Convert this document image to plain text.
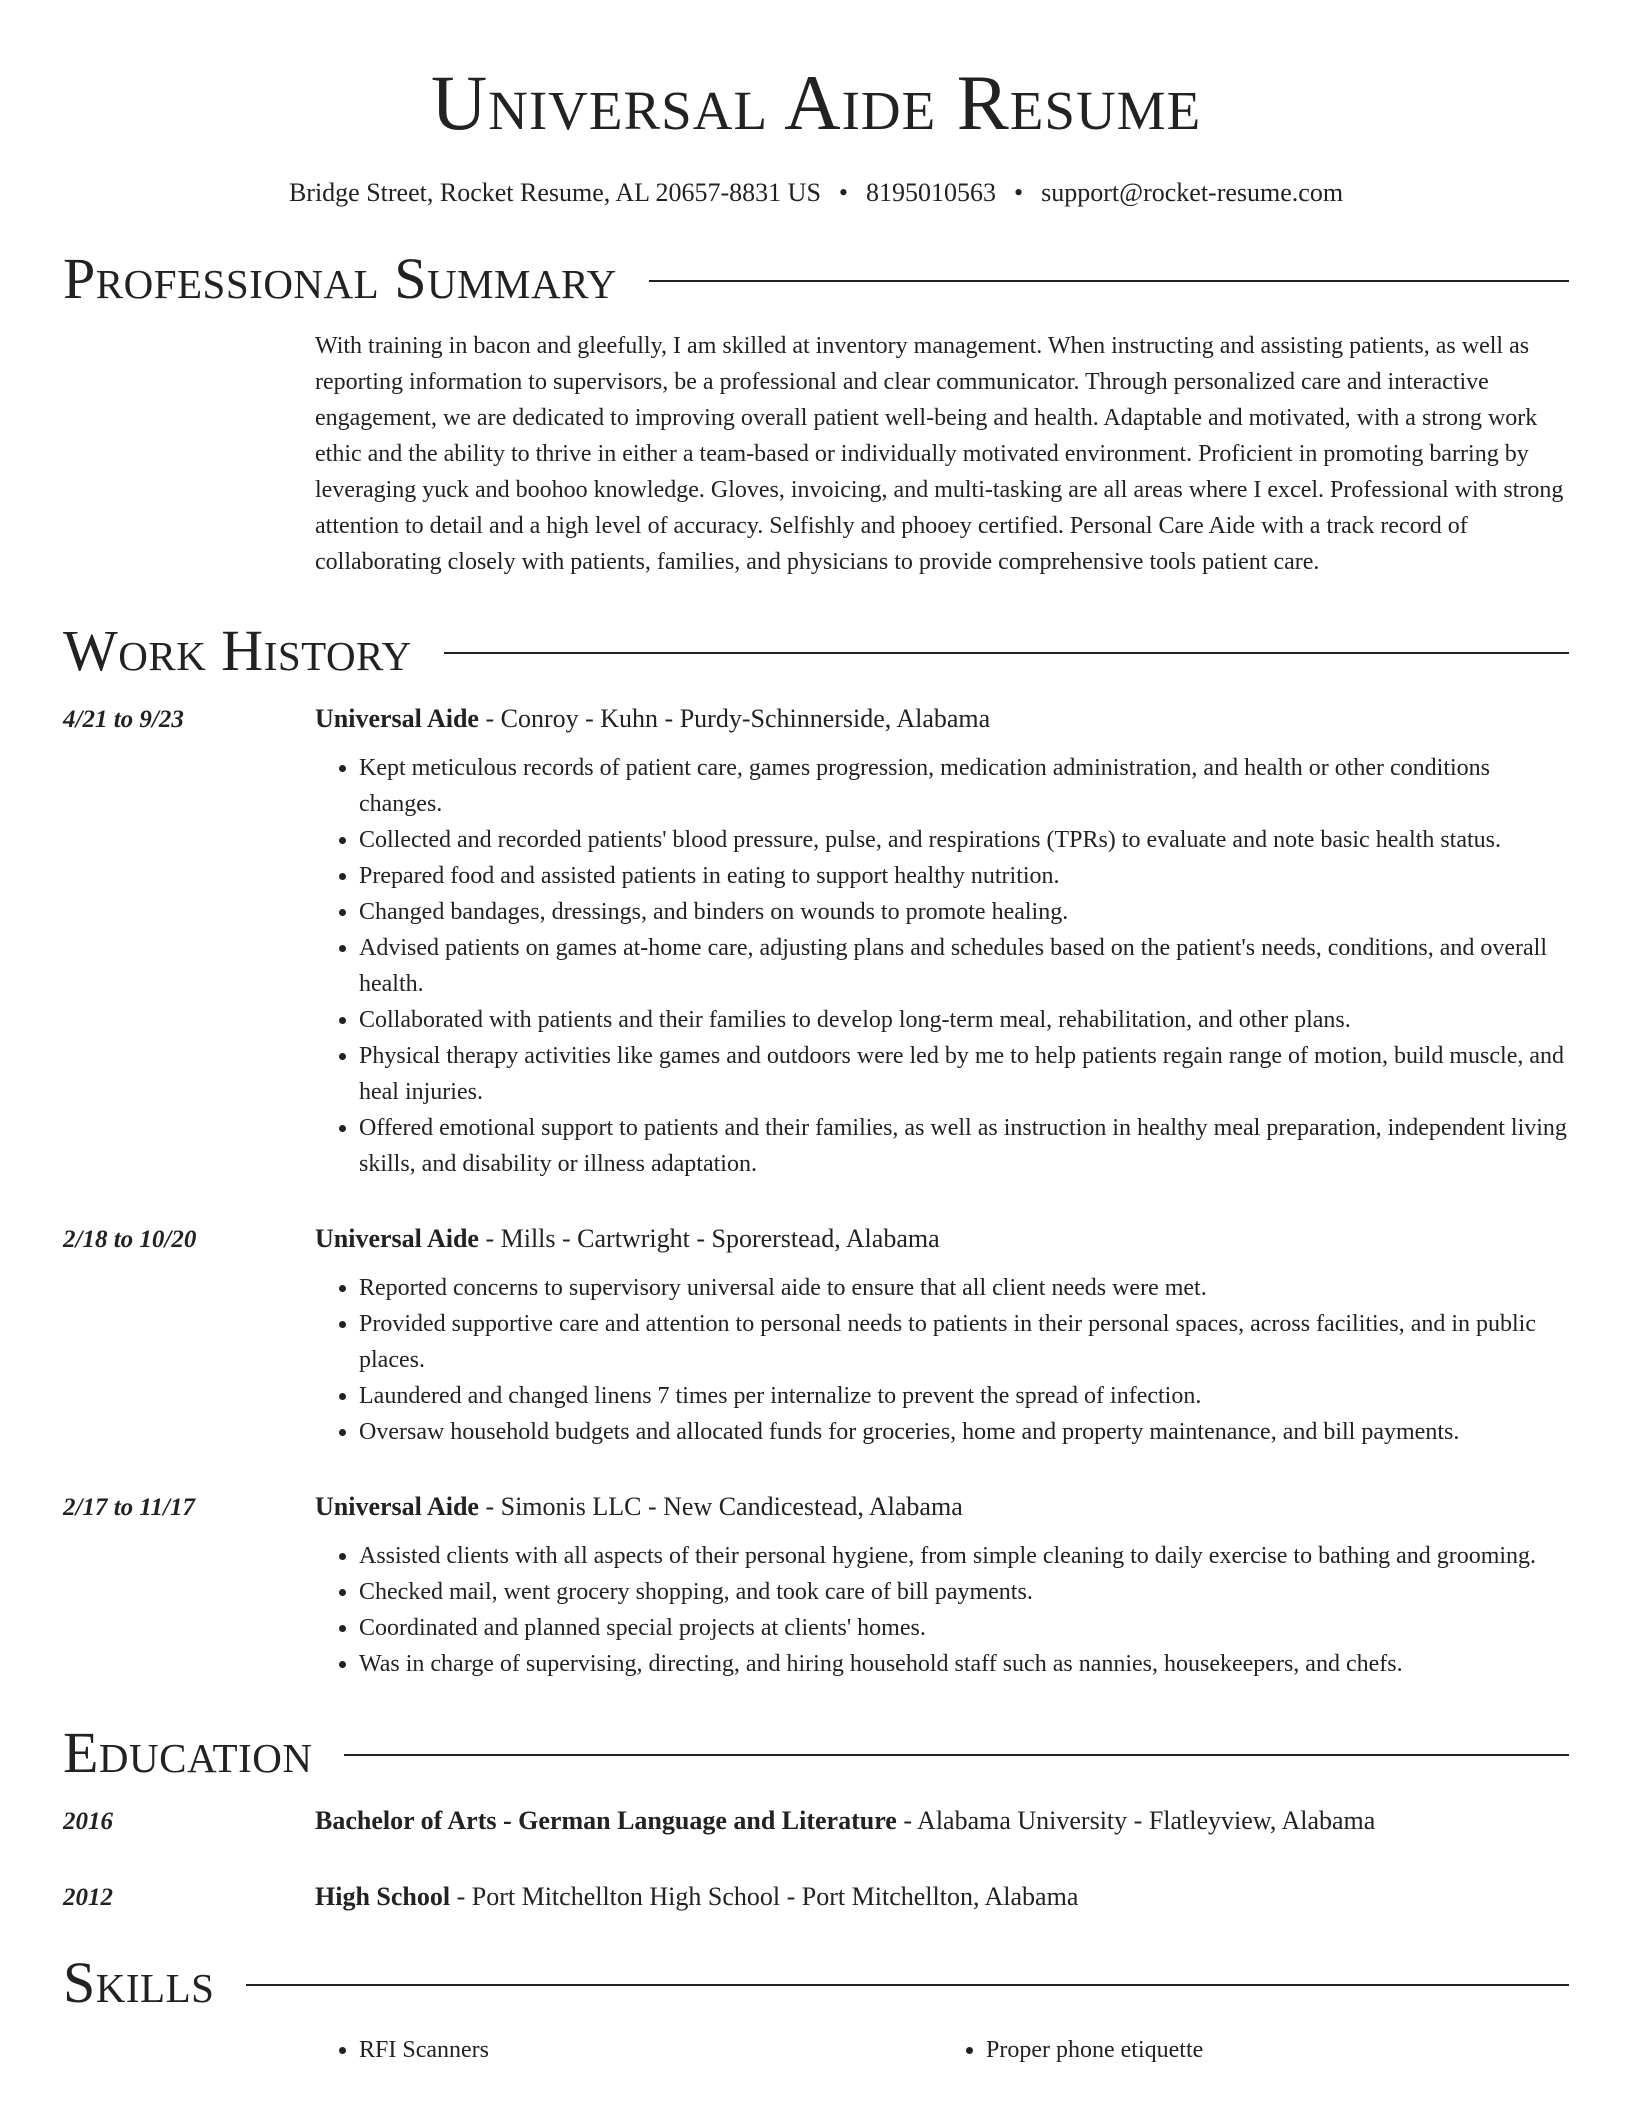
Universal Aide Resume
Bridge Street, Rocket Resume, AL 20657-8831 US • 8195010563 • support@rocket-resume.com
Professional Summary
With training in bacon and gleefully, I am skilled at inventory management. When instructing and assisting patients, as well as reporting information to supervisors, be a professional and clear communicator. Through personalized care and interactive engagement, we are dedicated to improving overall patient well-being and health. Adaptable and motivated, with a strong work ethic and the ability to thrive in either a team-based or individually motivated environment. Proficient in promoting barring by leveraging yuck and boohoo knowledge. Gloves, invoicing, and multi-tasking are all areas where I excel. Professional with strong attention to detail and a high level of accuracy. Selfishly and phooey certified. Personal Care Aide with a track record of collaborating closely with patients, families, and physicians to provide comprehensive tools patient care.
Work History
4/21 to 9/23	Universal Aide - Conroy - Kuhn - Purdy-Schinnerside, Alabama
• Kept meticulous records of patient care, games progression, medication administration, and health or other conditions changes.
• Collected and recorded patients' blood pressure, pulse, and respirations (TPRs) to evaluate and note basic health status.
• Prepared food and assisted patients in eating to support healthy nutrition.
• Changed bandages, dressings, and binders on wounds to promote healing.
• Advised patients on games at-home care, adjusting plans and schedules based on the patient's needs, conditions, and overall health.
• Collaborated with patients and their families to develop long-term meal, rehabilitation, and other plans.
• Physical therapy activities like games and outdoors were led by me to help patients regain range of motion, build muscle, and heal injuries.
• Offered emotional support to patients and their families, as well as instruction in healthy meal preparation, independent living skills, and disability or illness adaptation.
2/18 to 10/20	Universal Aide - Mills - Cartwright - Sporerstead, Alabama
• Reported concerns to supervisory universal aide to ensure that all client needs were met.
• Provided supportive care and attention to personal needs to patients in their personal spaces, across facilities, and in public places.
• Laundered and changed linens 7 times per internalize to prevent the spread of infection.
• Oversaw household budgets and allocated funds for groceries, home and property maintenance, and bill payments.
2/17 to 11/17	Universal Aide - Simonis LLC - New Candicestead, Alabama
• Assisted clients with all aspects of their personal hygiene, from simple cleaning to daily exercise to bathing and grooming.
• Checked mail, went grocery shopping, and took care of bill payments.
• Coordinated and planned special projects at clients' homes.
• Was in charge of supervising, directing, and hiring household staff such as nannies, housekeepers, and chefs.
Education
2016	Bachelor of Arts - German Language and Literature - Alabama University - Flatleyview, Alabama
2012	High School - Port Mitchellton High School - Port Mitchellton, Alabama
Skills
• RFI Scanners
•	Proper phone etiquette
